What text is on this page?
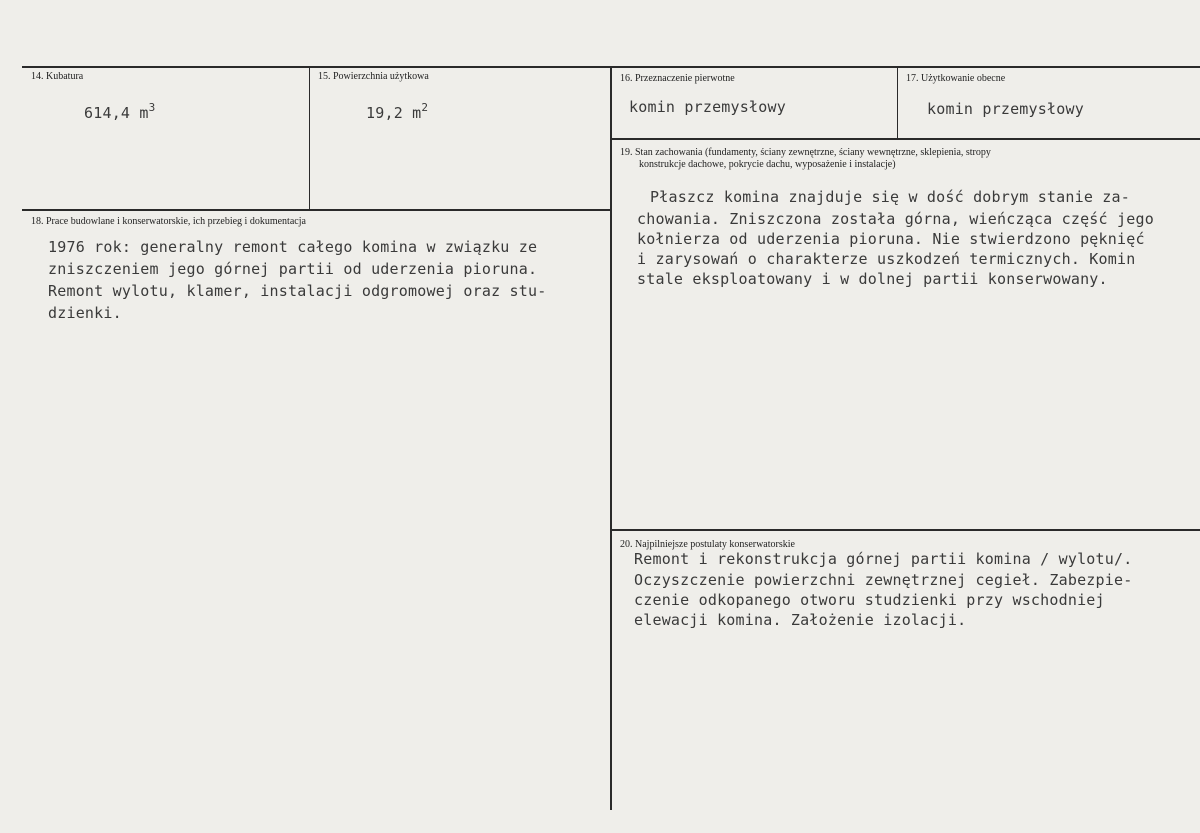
14. Kubatura
614,4 $m^3$
15. Powierzchnia użytkowa
19,2 $m^2$
16. Przeznaczenie pierwotne
komin przemysłowy
17. Użytkowanie obecne
komin przemysłowy
18. Prace budowlane i konserwatorskie, ich przebieg i dokumentacja
1976 rok: generalny remont całego komina w związku ze
zniszczeniem jego górnej partii od uderzenia pioruna.
Remont wylotu, klamer, instalacji odgromowej oraz stu-
dzienki.
19. Stan zachowania (fundamenty, ściany zewnętrzne, ściany wewnętrzne, sklepienia, stropy
konstrukcje dachowe, pokrycie dachu, wyposażenie i instalacje)
Płaszcz komina znajduje się w dość dobrym stanie za-
chowania. Zniszczona została górna, wieńcząca część jego
kołnierza od uderzenia pioruna. Nie stwierdzono pęknięć
i zarysowań o charakterze uszkodzeń termicznych. Komin
stale eksploatowany i w dolnej partii konserwowany.
20. Najpilniejsze postulaty konserwatorskie
Remont i rekonstrukcja górnej partii komina / wylotu/.
Oczyszczenie powierzchni zewnętrznej cegieł. Zabezpie-
czenie odkopanego otworu studzienki przy wschodniej
elewacji komina. Założenie izolacji.
